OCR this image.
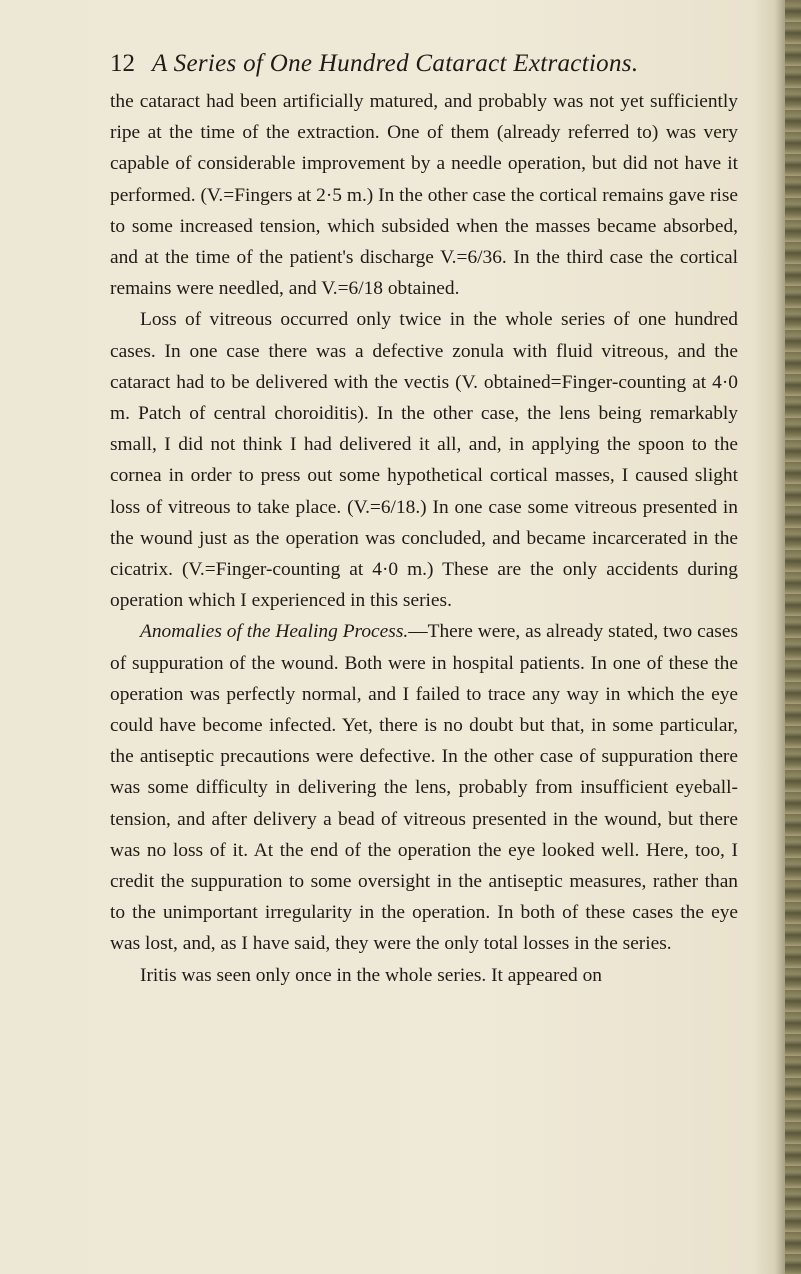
12 A Series of One Hundred Cataract Extractions.

the cataract had been artificially matured, and probably was not yet sufficiently ripe at the time of the extraction. One of them (already referred to) was very capable of considerable improvement by a needle operation, but did not have it performed. (V.=Fingers at 2·5 m.) In the other case the cortical remains gave rise to some increased tension, which subsided when the masses became absorbed, and at the time of the patient's discharge V.=6/36. In the third case the cortical remains were needled, and V.=6/18 obtained.

Loss of vitreous occurred only twice in the whole series of one hundred cases. In one case there was a defective zonula with fluid vitreous, and the cataract had to be delivered with the vectis (V. obtained=Finger-counting at 4·0 m. Patch of central choroiditis). In the other case, the lens being remarkably small, I did not think I had delivered it all, and, in applying the spoon to the cornea in order to press out some hypothetical cortical masses, I caused slight loss of vitreous to take place. (V.=6/18.) In one case some vitreous presented in the wound just as the operation was concluded, and became incarcerated in the cicatrix. (V.=Finger-counting at 4·0 m.) These are the only accidents during operation which I experienced in this series.

Anomalies of the Healing Process.—There were, as already stated, two cases of suppuration of the wound. Both were in hospital patients. In one of these the operation was perfectly normal, and I failed to trace any way in which the eye could have become infected. Yet, there is no doubt but that, in some particular, the antiseptic precautions were defective. In the other case of suppuration there was some difficulty in delivering the lens, probably from insufficient eyeball-tension, and after delivery a bead of vitreous presented in the wound, but there was no loss of it. At the end of the operation the eye looked well. Here, too, I credit the suppuration to some oversight in the antiseptic measures, rather than to the unimportant irregularity in the operation. In both of these cases the eye was lost, and, as I have said, they were the only total losses in the series.

Iritis was seen only once in the whole series. It appeared on
